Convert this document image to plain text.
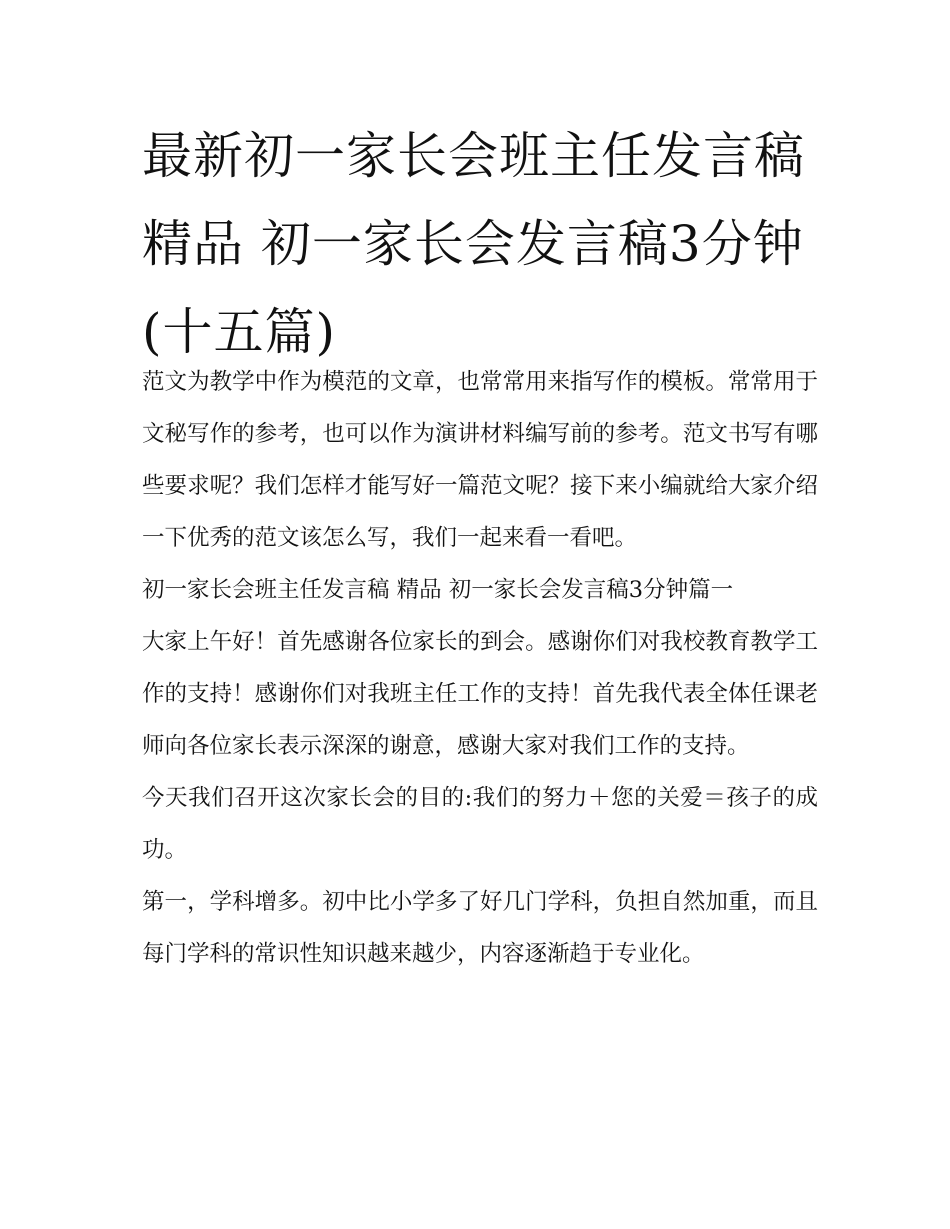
最新初一家长会班主任发言稿精品 初一家长会发言稿3分钟(十五篇)

范文为教学中作为模范的文章，也常常用来指写作的模板。常常用于文秘写作的参考，也可以作为演讲材料编写前的参考。范文书写有哪些要求呢？我们怎样才能写好一篇范文呢？接下来小编就给大家介绍一下优秀的范文该怎么写，我们一起来看一看吧。

初一家长会班主任发言稿 精品 初一家长会发言稿3分钟篇一

大家上午好！首先感谢各位家长的到会。感谢你们对我校教育教学工作的支持！感谢你们对我班主任工作的支持！首先我代表全体任课老师向各位家长表示深深的谢意，感谢大家对我们工作的支持。

今天我们召开这次家长会的目的:我们的努力＋您的关爱＝孩子的成功。

第一，学科增多。初中比小学多了好几门学科，负担自然加重，而且每门学科的常识性知识越来越少，内容逐渐趋于专业化。
